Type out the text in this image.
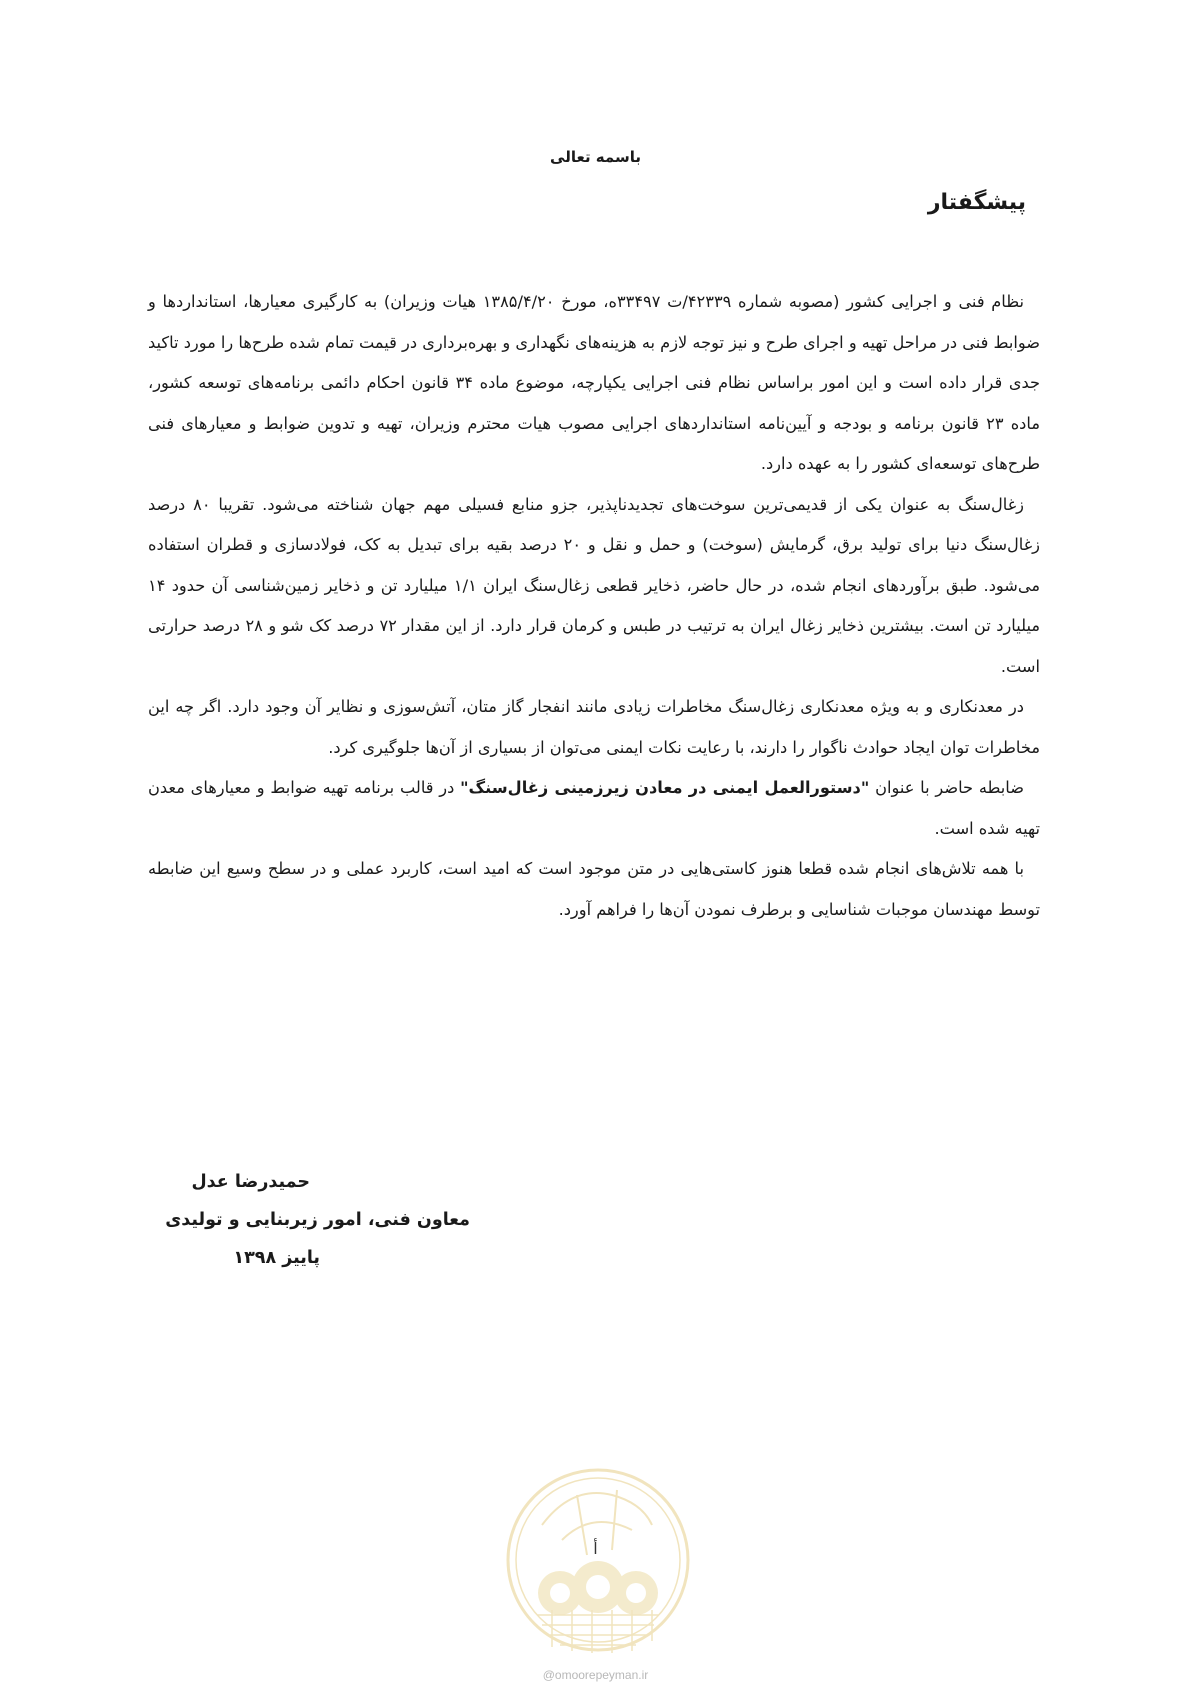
باسمه تعالی
پیشگفتار

نظام فنی و اجرایی کشور (مصوبه شماره ۴۲۳۳۹/ت ۳۳۴۹۷ه، مورخ ۱۳۸۵/۴/۲۰ هیات وزیران) به کارگیری معیارها، استانداردها و ضوابط فنی در مراحل تهیه و اجرای طرح و نیز توجه لازم به هزینه‌های نگهداری و بهره‌برداری در قیمت تمام شده طرح‌ها را مورد تاکید جدی قرار داده است و این امور براساس نظام فنی اجرایی یکپارچه، موضوع ماده ۳۴ قانون احکام دائمی برنامه‌های توسعه کشور، ماده ۲۳ قانون برنامه و بودجه و آیین‌نامه استانداردهای اجرایی مصوب هیات محترم وزیران، تهیه و تدوین ضوابط و معیارهای فنی طرح‌های توسعه‌ای کشور را به عهده دارد.

زغال‌سنگ به عنوان یکی از قدیمی‌ترین سوخت‌های تجدیدناپذیر، جزو منابع فسیلی مهم جهان شناخته می‌شود. تقریبا ۸۰ درصد زغال‌سنگ دنیا برای تولید برق، گرمایش (سوخت) و حمل و نقل و ۲۰ درصد بقیه برای تبدیل به کک، فولادسازی و قطران استفاده می‌شود. طبق برآوردهای انجام شده، در حال حاضر، ذخایر قطعی زغال‌سنگ ایران ۱/۱ میلیارد تن و ذخایر زمین‌شناسی آن حدود ۱۴ میلیارد تن است. بیشترین ذخایر زغال ایران به ترتیب در طبس و کرمان قرار دارد. از این مقدار ۷۲ درصد کک شو و ۲۸ درصد حرارتی است.

در معدنکاری و به ویژه معدنکاری زغال‌سنگ مخاطرات زیادی مانند انفجار گاز متان، آتش‌سوزی و نظایر آن وجود دارد. اگر چه این مخاطرات توان ایجاد حوادث ناگوار را دارند، با رعایت نکات ایمنی می‌توان از بسیاری از آن‌ها جلوگیری کرد.

ضابطه حاضر با عنوان "دستورالعمل ایمنی در معادن زیرزمینی زغال‌سنگ" در قالب برنامه تهیه ضوابط و معیارهای معدن تهیه شده است.

با همه تلاش‌های انجام شده قطعا هنوز کاستی‌هایی در متن موجود است که امید است، کاربرد عملی و در سطح وسیع این ضابطه توسط مهندسان موجبات شناسایی و برطرف نمودن آن‌ها را فراهم آورد.

حمیدرضا عدل
معاون فنی، امور زیربنایی و تولیدی
پاییز ۱۳۹۸
أ
@omoorepeyman.ir
